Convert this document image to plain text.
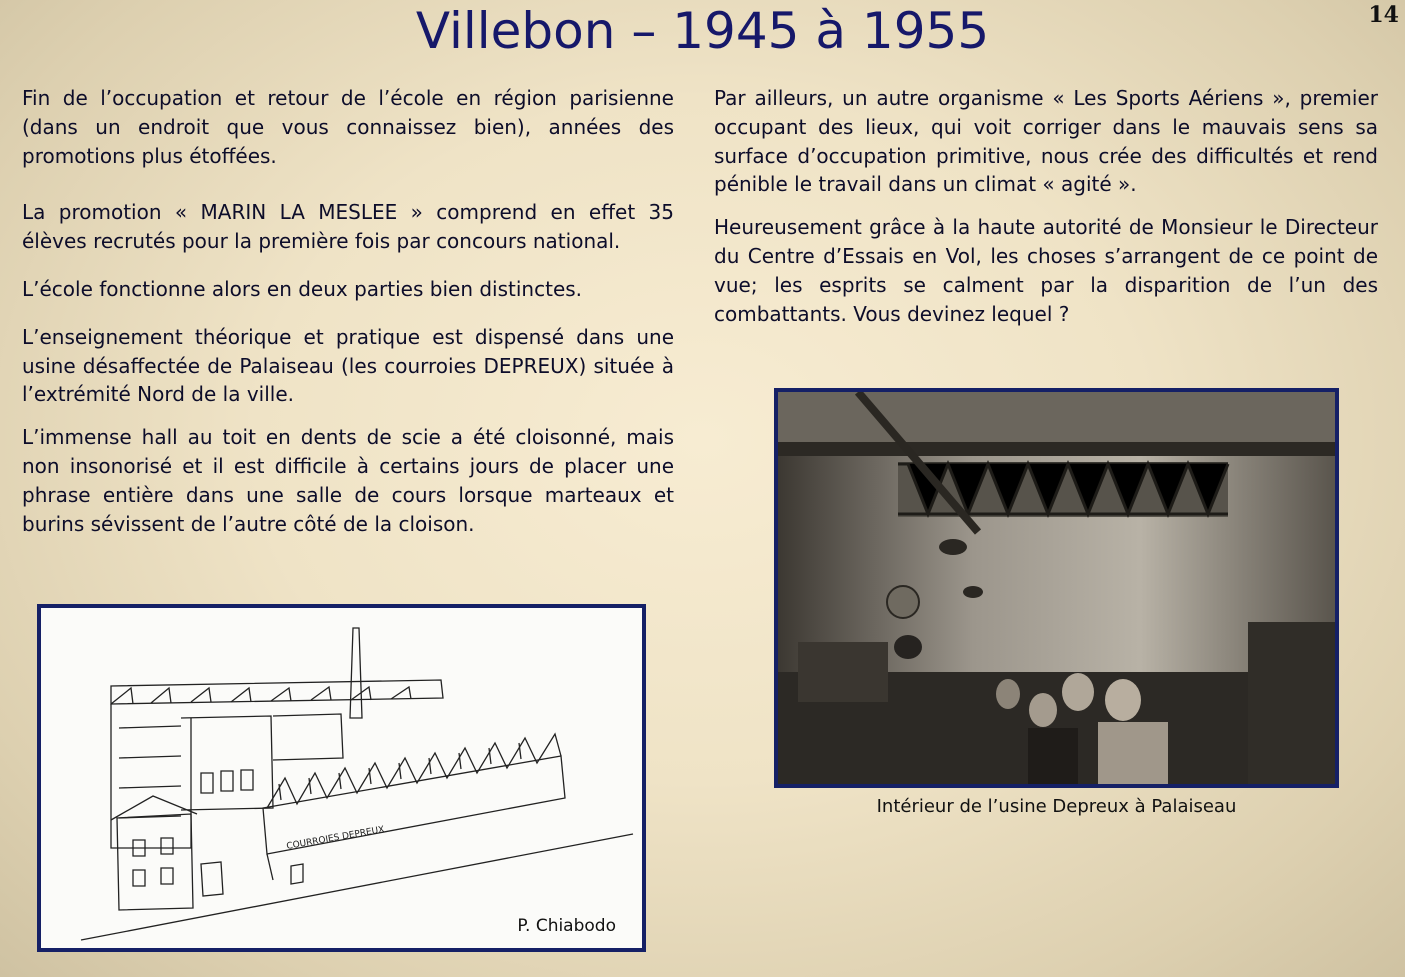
Villebon – 1945 à 1955	14

Fin de l’occupation et retour de l’école en région parisienne (dans un endroit que vous connaissez bien), années des promotions plus étoffées.

La promotion « MARIN LA MESLEE » comprend en effet 35 élèves recrutés pour la première fois par concours national.

L’école fonctionne alors en deux parties bien distinctes.

L’enseignement théorique et pratique est dispensé dans une usine désaffectée de Palaiseau (les courroies DEPREUX) située à l’extrémité Nord de la ville.

L’immense hall au toit en dents de scie a été cloisonné, mais non insonorisé et il est difficile à certains jours de placer une phrase entière dans une salle de cours lorsque marteaux et burins sévissent de l’autre côté de la cloison.

Par ailleurs, un autre organisme « Les Sports Aériens », premier occupant des lieux, qui voit corriger dans le mauvais sens sa surface d’occupation primitive, nous crée des difficultés et rend pénible le travail dans un climat « agité ».

Heureusement grâce à la haute autorité de Monsieur le Directeur du Centre d’Essais en Vol, les choses s’arrangent de ce point de vue; les esprits se calment par la disparition de l’un des combattants. Vous devinez lequel ?

COURROIES DEPREUX
P. Chiabodo
Intérieur de l’usine Depreux à Palaiseau
